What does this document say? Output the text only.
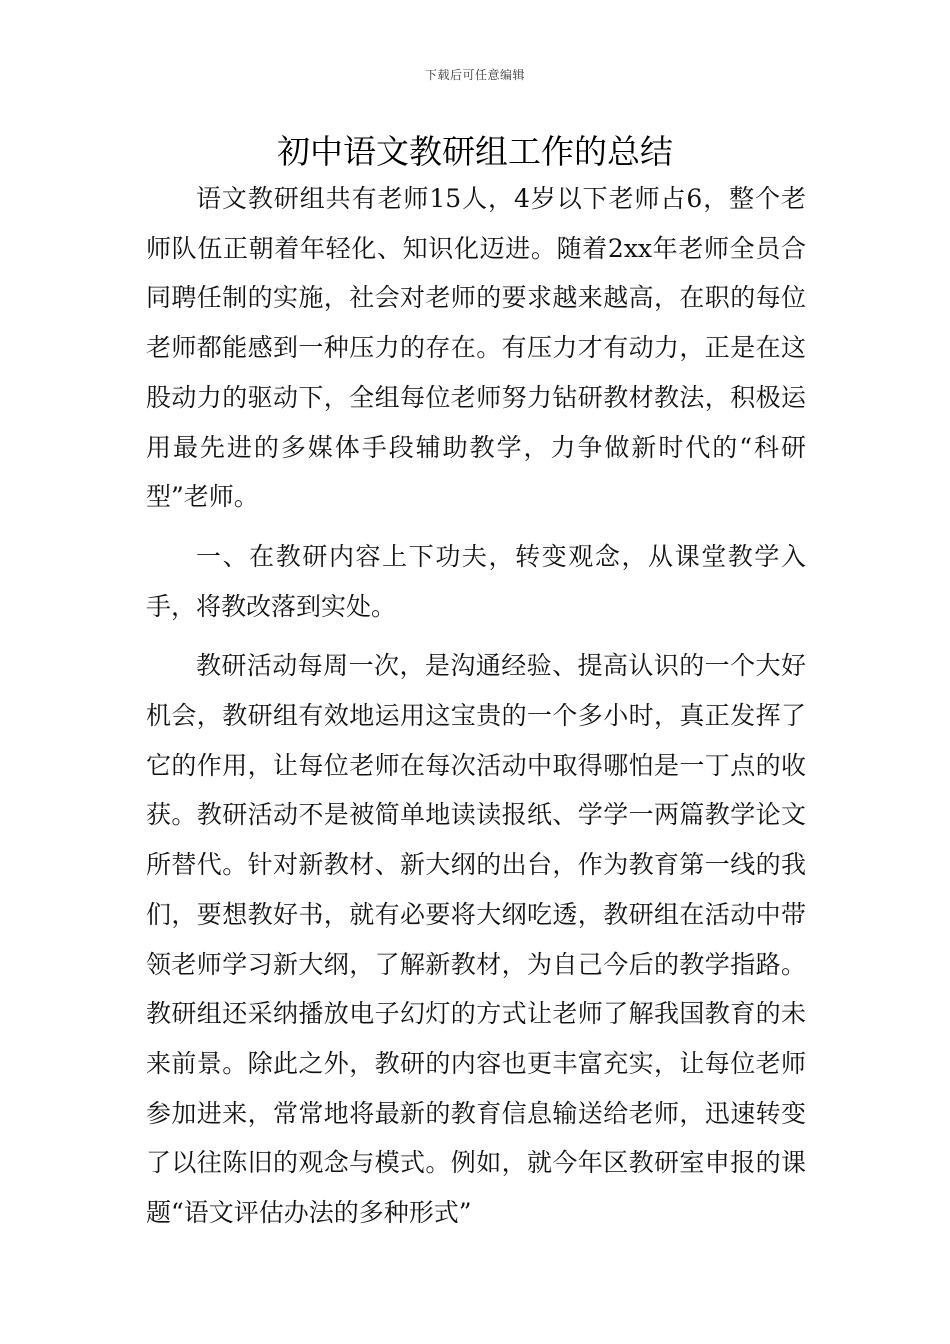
下载后可任意编辑
初中语文教研组工作的总结

语文教研组共有老师15人，4岁以下老师占6，整个老师队伍正朝着年轻化、知识化迈进。随着2xx年老师全员合同聘任制的实施，社会对老师的要求越来越高，在职的每位老师都能感到一种压力的存在。有压力才有动力，正是在这股动力的驱动下，全组每位老师努力钻研教材教法，积极运用最先进的多媒体手段辅助教学，力争做新时代的“科研型”老师。

一、在教研内容上下功夫，转变观念，从课堂教学入手，将教改落到实处。

教研活动每周一次，是沟通经验、提高认识的一个大好机会，教研组有效地运用这宝贵的一个多小时，真正发挥了它的作用，让每位老师在每次活动中取得哪怕是一丁点的收获。教研活动不是被简单地读读报纸、学学一两篇教学论文所替代。针对新教材、新大纲的出台，作为教育第一线的我们，要想教好书，就有必要将大纲吃透，教研组在活动中带领老师学习新大纲，了解新教材，为自己今后的教学指路。教研组还采纳播放电子幻灯的方式让老师了解我国教育的未来前景。除此之外，教研的内容也更丰富充实，让每位老师参加进来，常常地将最新的教育信息输送给老师，迅速转变了以往陈旧的观念与模式。例如，就今年区教研室申报的课题“语文评估办法的多种形式”
